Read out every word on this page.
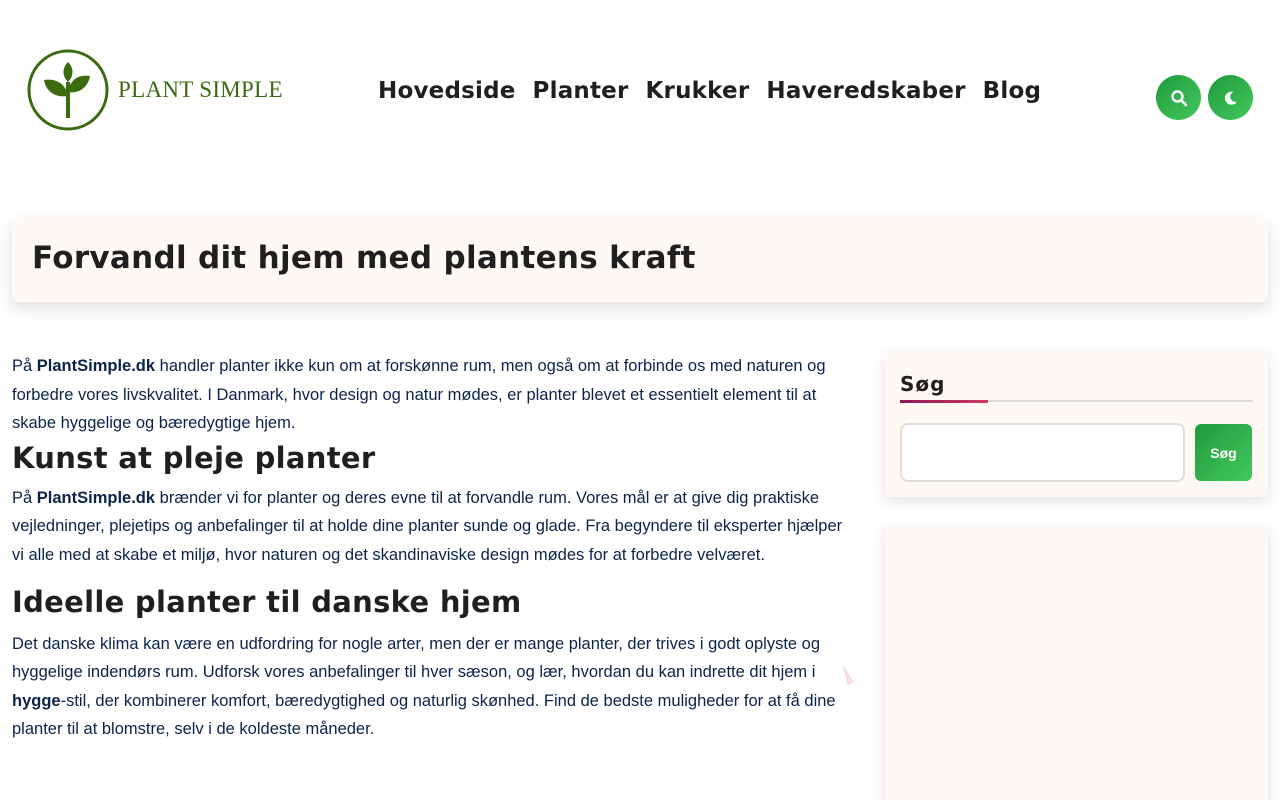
PLANT SIMPLE	Hovedside Planter Krukker Haveredskaber Blog
Forvandl dit hjem med plantens kraft

På PlantSimple.dk handler planter ikke kun om at forskønne rum, men også om at forbinde os med naturen og forbedre vores livskvalitet. I Danmark, hvor design og natur mødes, er planter blevet et essentielt element til at skabe hyggelige og bæredygtige hjem.

Kunst at pleje planter

På PlantSimple.dk brænder vi for planter og deres evne til at forvandle rum. Vores mål er at give dig praktiske vejledninger, plejetips og anbefalinger til at holde dine planter sunde og glade. Fra begyndere til eksperter hjælper vi alle med at skabe et miljø, hvor naturen og det skandinaviske design mødes for at forbedre velværet.

Ideelle planter til danske hjem

Det danske klima kan være en udfordring for nogle arter, men der er mange planter, der trives i godt oplyste og hyggelige indendørs rum. Udforsk vores anbefalinger til hver sæson, og lær, hvordan du kan indrette dit hjem i hygge-stil, der kombinerer komfort, bæredygtighed og naturlig skønhed. Find de bedste muligheder for at få dine planter til at blomstre, selv i de koldeste måneder.

Søg
Søg
